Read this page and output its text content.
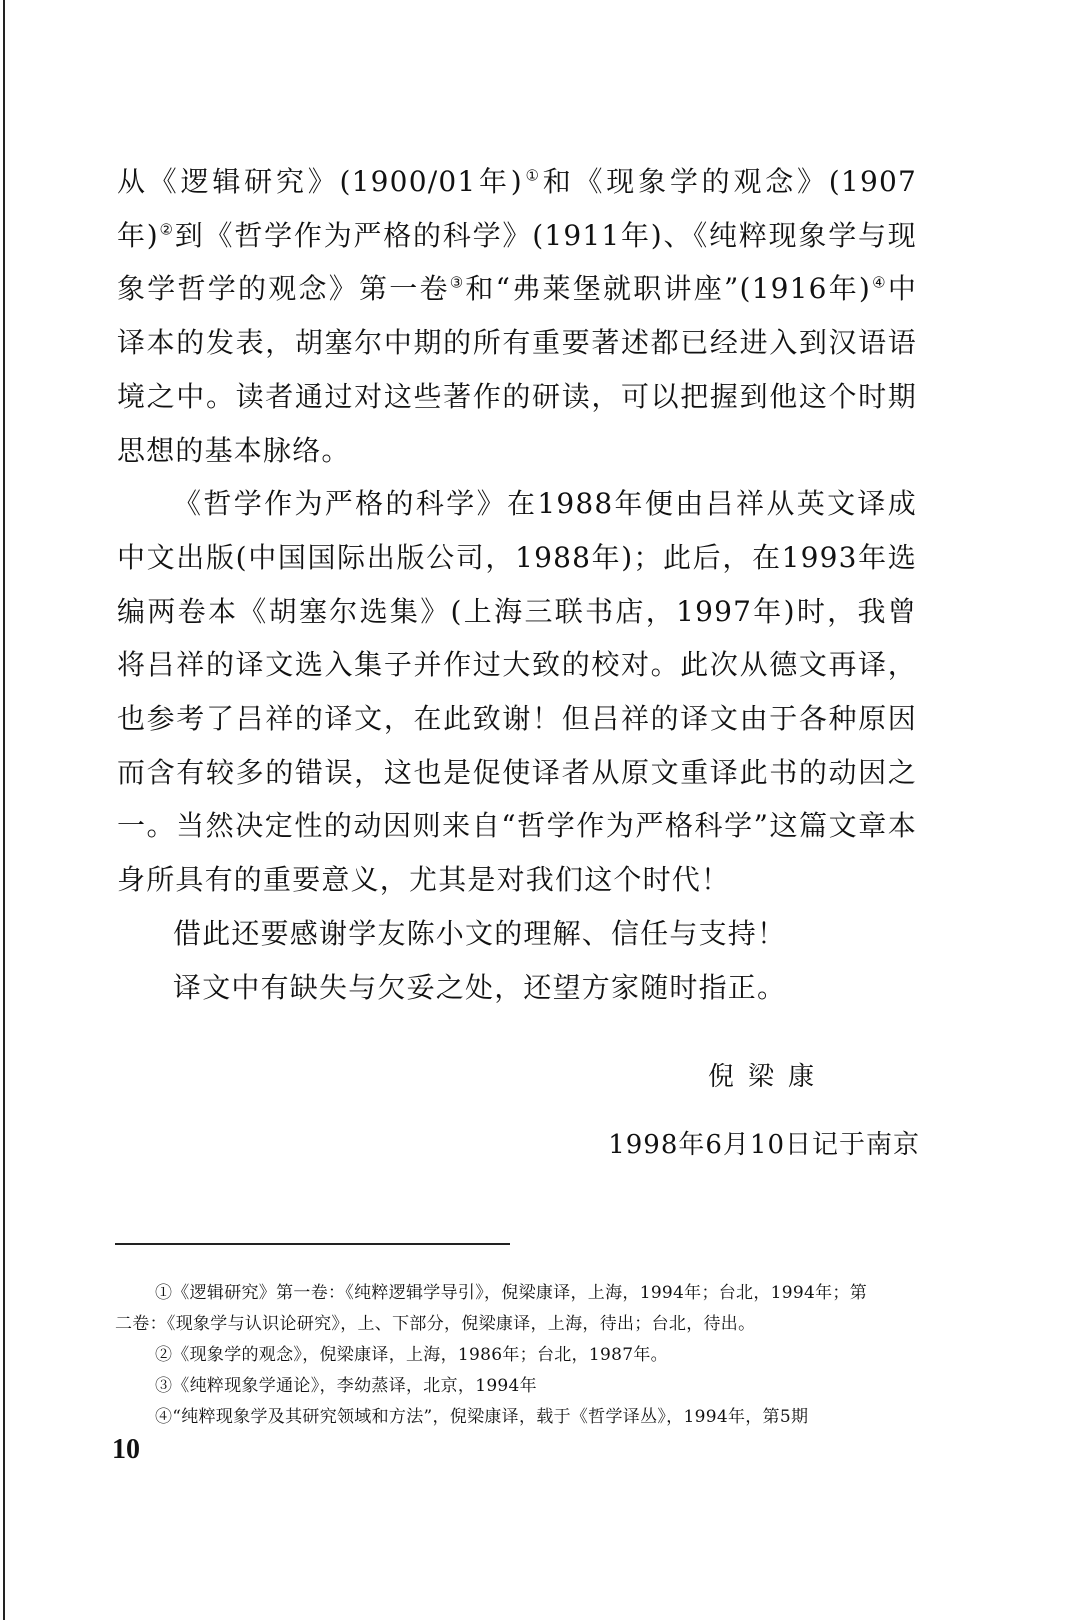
从《逻辑研究》(1900/01年)①和《现象学的观念》(1907年)②到《哲学作为严格的科学》(1911年)、《纯粹现象学与现象学哲学的观念》第一卷③和“弗莱堡就职讲座”(1916年)④中译本的发表，胡塞尔中期的所有重要著述都已经进入到汉语语境之中。读者通过对这些著作的研读，可以把握到他这个时期思想的基本脉络。

《哲学作为严格的科学》在1988年便由吕祥从英文译成中文出版(中国国际出版公司，1988年)；此后，在1993年选编两卷本《胡塞尔选集》(上海三联书店，1997年)时，我曾将吕祥的译文选入集子并作过大致的校对。此次从德文再译，也参考了吕祥的译文，在此致谢！但吕祥的译文由于各种原因而含有较多的错误，这也是促使译者从原文重译此书的动因之一。当然决定性的动因则来自“哲学作为严格科学”这篇文章本身所具有的重要意义，尤其是对我们这个时代！

借此还要感谢学友陈小文的理解、信任与支持！

译文中有缺失与欠妥之处，还望方家随时指正。

倪梁康
1998年6月10日记于南京

①《逻辑研究》第一卷：《纯粹逻辑学导引》，倪梁康译，上海，1994年；台北，1994年；第

二卷：《现象学与认识论研究》，上、下部分，倪梁康译，上海，待出；台北，待出。

②《现象学的观念》，倪梁康译，上海，1986年；台北，1987年。

③《纯粹现象学通论》，李幼蒸译，北京，1994年

④“纯粹现象学及其研究领域和方法”，倪梁康译，载于《哲学译丛》，1994年，第5期

10
